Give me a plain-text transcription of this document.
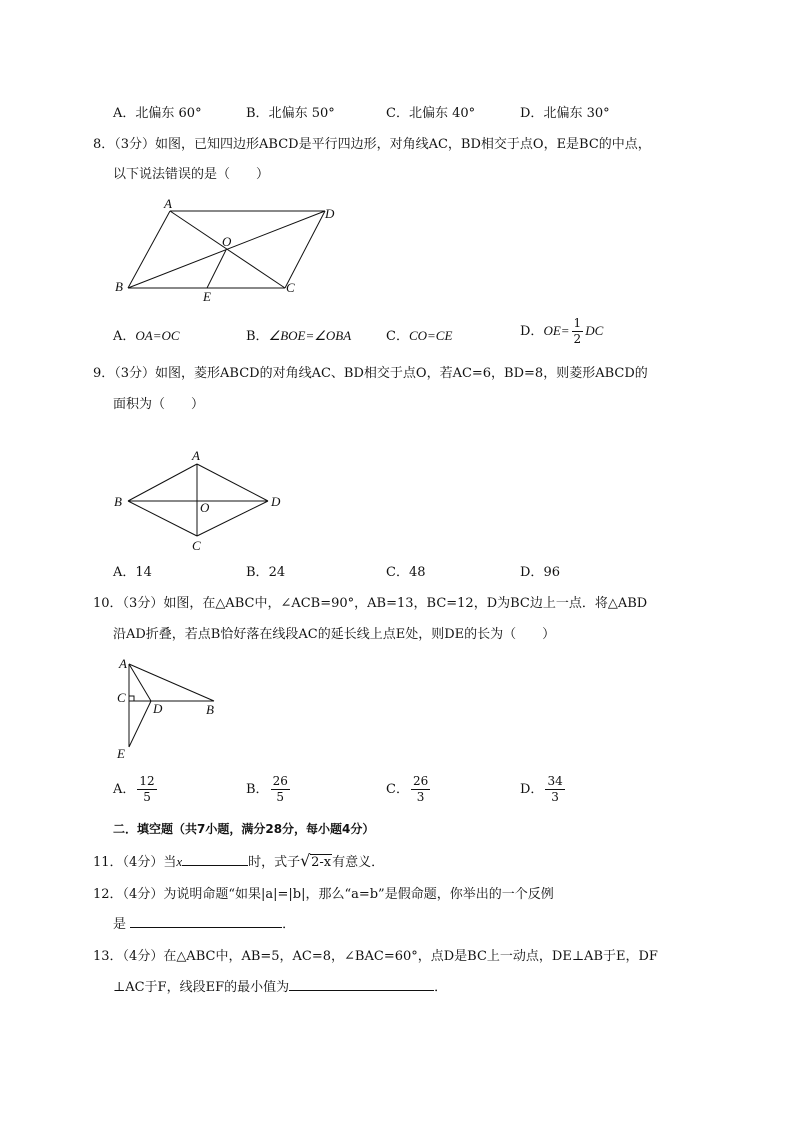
A．北偏东 60°	B．北偏东 50°	C．北偏东 40°	D．北偏东 30°
8．（3分）如图，已知四边形ABCD是平行四边形，对角线AC，BD相交于点O，E是BC的中点，
以下说法错误的是（　　）
A
D
O
B	C
E
A．OA=OC	B．∠BOE=∠OBA	C．CO=CE	D．$OE= \frac{1}{2}$ DC
9．（3分）如图，菱形ABCD的对角线AC、BD相交于点O，若AC=6，BD=8，则菱形ABCD的
面积为（　　）
A
B	D
O
C
A．14	B．24	C．48	D．96
10．（3分）如图，在△ABC中，∠ACB=90°，AB=13，BC=12，D为BC边上一点．将△ABD
沿AD折叠，若点B恰好落在线段AC的延长线上点E处，则DE的长为（　　）
A
C
D	B
E
A． $\frac{12}{5}$	B． $\frac{26}{5}$	C． $\frac{26}{3}$	D． $\frac{34}{3}$
二．填空题（共7小题，满分28分，每小题4分）
11．（4分）当x	时，式子 √ 2-x有意义．
12．（4分）为说明命题“如果|a|=|b|，那么“a=b”是假命题，你举出的一个反例
是	．
13．（4分）在△ABC中，AB=5，AC=8，∠BAC=60°，点D是BC上一动点，DE⊥AB于E，DF
⊥AC于F，线段EF的最小值为	．
